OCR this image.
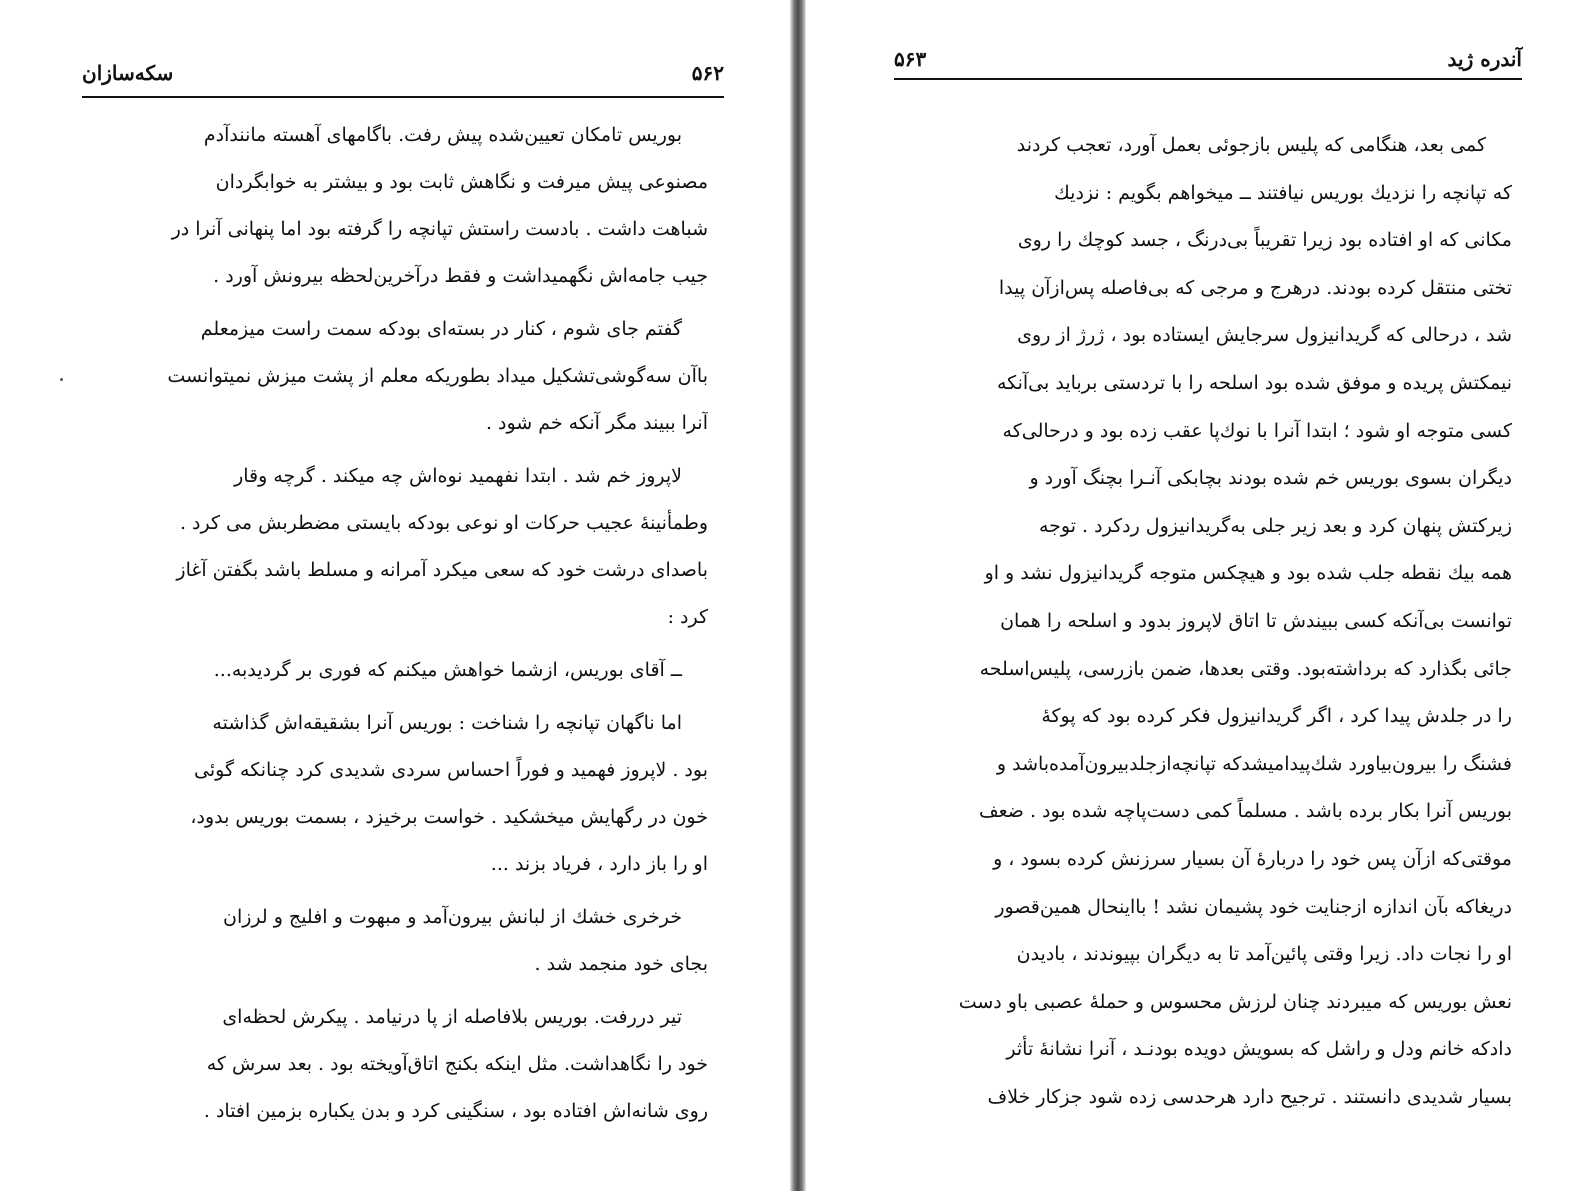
سکه‌سازان	۵۶۲
بوریس تامکان تعیین‌شده پیش رفت. باگامهای آهسته مانندآدم
مصنوعی پیش میرفت و نگاهش ثابت بود و بیشتر به خوابگردان
شباهت داشت . بادست راستش تپانچه را گرفته بود اما پنهانی آنرا در
جیب جامه‌اش نگهمیداشت و فقط درآخرین‌لحظه بیرونش آورد .
گفتم جای شوم ، کنار در بسته‌ای بودکه سمت راست میزمعلم
باآن سه‌گوشی‌تشکیل میداد بطوریکه معلم از پشت میزش نمیتوانست
آنرا ببیند مگر آنکه خم شود .
لاپروز خم شد . ابتدا نفهمید نوه‌اش چه میکند . گرچه وقار
وطمأنینهٔ عجیب حرکات او نوعی بودکه بایستی مضطربش می کرد .
باصدای درشت خود که سعی میکرد آمرانه و مسلط باشد بگفتن آغاز
کرد :
ــ آقای بوریس، ازشما خواهش میکنم که فوری بر گردیدبه...
اما ناگهان تپانچه را شناخت : بوریس آنرا بشقیقه‌اش گذاشته
بود . لاپروز فهمید و فوراً احساس سردی شدیدی کرد چنانکه گوئی
خون در رگهایش میخشکید . خواست برخیزد ، بسمت بوریس بدود،
او را باز دارد ، فریاد بزند ...
خرخری خشك از لبانش بیرون‌آمد و مبهوت و افلیج و لرزان
بجای خود منجمد شد .
تیر دررفت. بوریس بلافاصله از پا درنیامد . پیکرش لحظه‌ای
خود را نگاهداشت. مثل اینکه بکنج اتاق‌آویخته بود . بعد سرش که
روی شانه‌اش افتاده بود ، سنگینی کرد و بدن یکباره بزمین افتاد .
آندره ژید
۵۶۳
کمی بعد، هنگامی که پلیس بازجوئی بعمل آورد، تعجب کردند
که تپانچه را نزدیك بوریس نیافتند ــ میخواهم بگویم : نزدیك
مکانی که او افتاده بود زیرا تقریباً بی‌درنگ ، جسد کوچك را روی
تختی منتقل کرده بودند. درهرج و مرجی که بی‌فاصله پس‌ازآن پیدا
شد ، درحالی که گریدانیزول سرجایش ایستاده بود ، ژرژ از روی
نیمکتش پریده و موفق شده بود اسلحه را با تردستی برباید بی‌آنکه
کسی متوجه او شود ؛ ابتدا آنرا با نوك‌پا عقب زده بود و درحالی‌که
دیگران بسوی بوریس خم شده بودند بچابکی آنـرا بچنگ آورد و
زیرکتش پنهان کرد و بعد زیر جلی به‌گریدانیزول ردکرد . توجه
همه بیك نقطه جلب شده بود و هیچکس متوجه گریدانیزول نشد و او
توانست بی‌آنکه کسی ببیندش تا اتاق لاپروز بدود و اسلحه را همان
جائی بگذارد که برداشته‌بود. وقتی بعدها، ضمن بازرسی، پلیس‌اسلحه
را در جلدش پیدا کرد ، اگر گریدانیزول فکر کرده بود که پوکهٔ
فشنگ را بیرون‌بیاورد شك‌پیدامیشدکه تپانچه‌ازجلدبیرون‌آمده‌باشد و
بوریس آنرا بکار برده باشد . مسلماً کمی دست‌پاچه شده بود . ضعف
موقتی‌که ازآن پس خود را دربارهٔ آن بسیار سرزنش کرده بسود ، و
دریغاکه بآن اندازه ازجنایت خود پشیمان نشد ! بااینحال همین‌قصور
او را نجات داد. زیرا وقتی پائین‌آمد تا به دیگران بپیوندند ، بادیدن
نعش بوریس که میبردند چنان لرزش محسوس و حملهٔ عصبی باو دست
دادکه خانم ودل و راشل که بسویش دویده بودنـد ، آنرا نشانهٔ تأثر
بسیار شدیدی دانستند . ترجیح دارد هرحدسی زده شود جزکار خلاف
